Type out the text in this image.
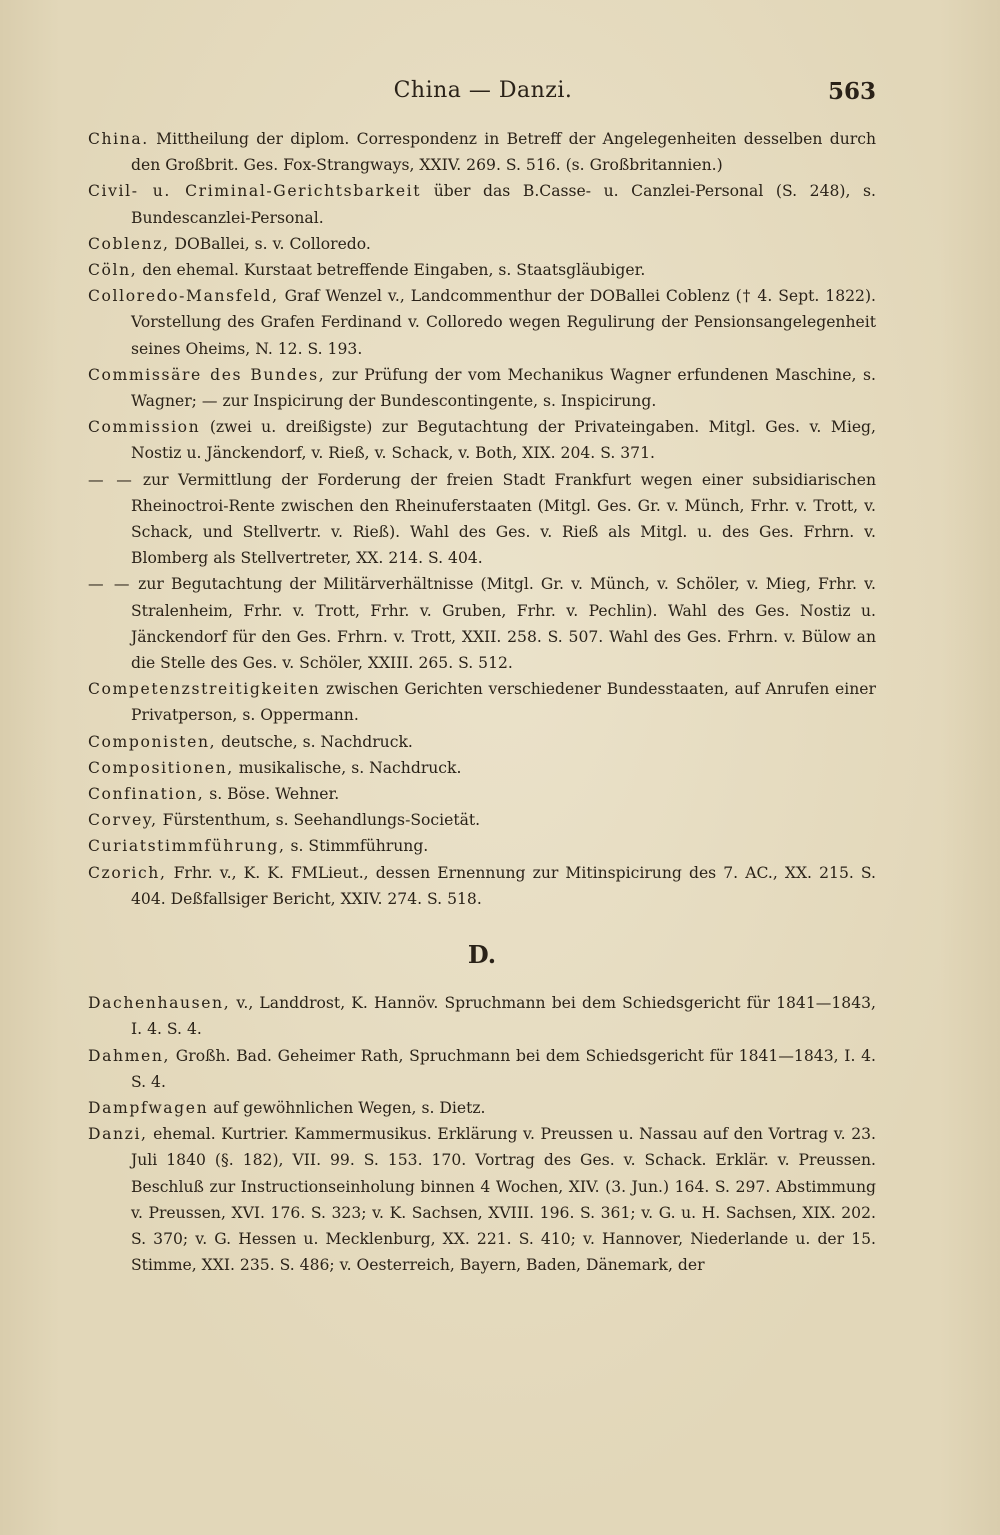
China — Danzi.	563

China. Mittheilung der diplom. Correspondenz in Betreff der Angelegenheiten desselben durch den Großbrit. Ges. Fox-Strangways, XXIV. 269. S. 516. (s. Großbritannien.)

Civil- u. Criminal-Gerichtsbarkeit über das B.Casse- u. Canzlei-Personal (S. 248), s. Bundescanzlei-Personal.

Coblenz, DOBallei, s. v. Colloredo.

Cöln, den ehemal. Kurstaat betreffende Eingaben, s. Staatsgläubiger.

Colloredo-Mansfeld, Graf Wenzel v., Landcommenthur der DOBallei Coblenz († 4. Sept. 1822). Vorstellung des Grafen Ferdinand v. Colloredo wegen Regulirung der Pensionsangelegenheit seines Oheims, N. 12. S. 193.

Commissäre des Bundes, zur Prüfung der vom Mechanikus Wagner erfundenen Maschine, s. Wagner; — zur Inspicirung der Bundescontingente, s. Inspicirung.

Commission (zwei u. dreißigste) zur Begutachtung der Privateingaben. Mitgl. Ges. v. Mieg, Nostiz u. Jänckendorf, v. Rieß, v. Schack, v. Both, XIX. 204. S. 371.

— — zur Vermittlung der Forderung der freien Stadt Frankfurt wegen einer subsidiarischen Rheinoctroi-Rente zwischen den Rheinuferstaaten (Mitgl. Ges. Gr. v. Münch, Frhr. v. Trott, v. Schack, und Stellvertr. v. Rieß). Wahl des Ges. v. Rieß als Mitgl. u. des Ges. Frhrn. v. Blomberg als Stellvertreter, XX. 214. S. 404.

— — zur Begutachtung der Militärverhältnisse (Mitgl. Gr. v. Münch, v. Schöler, v. Mieg, Frhr. v. Stralenheim, Frhr. v. Trott, Frhr. v. Gruben, Frhr. v. Pechlin). Wahl des Ges. Nostiz u. Jänckendorf für den Ges. Frhrn. v. Trott, XXII. 258. S. 507. Wahl des Ges. Frhrn. v. Bülow an die Stelle des Ges. v. Schöler, XXIII. 265. S. 512.

Competenzstreitigkeiten zwischen Gerichten verschiedener Bundesstaaten, auf Anrufen einer Privatperson, s. Oppermann.

Componisten, deutsche, s. Nachdruck.

Compositionen, musikalische, s. Nachdruck.

Confination, s. Böse. Wehner.

Corvey, Fürstenthum, s. Seehandlungs-Societät.

Curiatstimmführung, s. Stimmführung.

Czorich, Frhr. v., K. K. FMLieut., dessen Ernennung zur Mitinspicirung des 7. AC., XX. 215. S. 404. Deßfallsiger Bericht, XXIV. 274. S. 518.

D.

Dachenhausen, v., Landdrost, K. Hannöv. Spruchmann bei dem Schiedsgericht für 1841—1843, I. 4. S. 4.

Dahmen, Großh. Bad. Geheimer Rath, Spruchmann bei dem Schiedsgericht für 1841—1843, I. 4. S. 4.

Dampfwagen auf gewöhnlichen Wegen, s. Dietz.

Danzi, ehemal. Kurtrier. Kammermusikus. Erklärung v. Preussen u. Nassau auf den Vortrag v. 23. Juli 1840 (§. 182), VII. 99. S. 153. 170. Vortrag des Ges. v. Schack. Erklär. v. Preussen. Beschluß zur Instructionseinholung binnen 4 Wochen, XIV. (3. Jun.) 164. S. 297. Abstimmung v. Preussen, XVI. 176. S. 323; v. K. Sachsen, XVIII. 196. S. 361; v. G. u. H. Sachsen, XIX. 202. S. 370; v. G. Hessen u. Mecklenburg, XX. 221. S. 410; v. Hannover, Niederlande u. der 15. Stimme, XXI. 235. S. 486; v. Oesterreich, Bayern, Baden, Dänemark, der
